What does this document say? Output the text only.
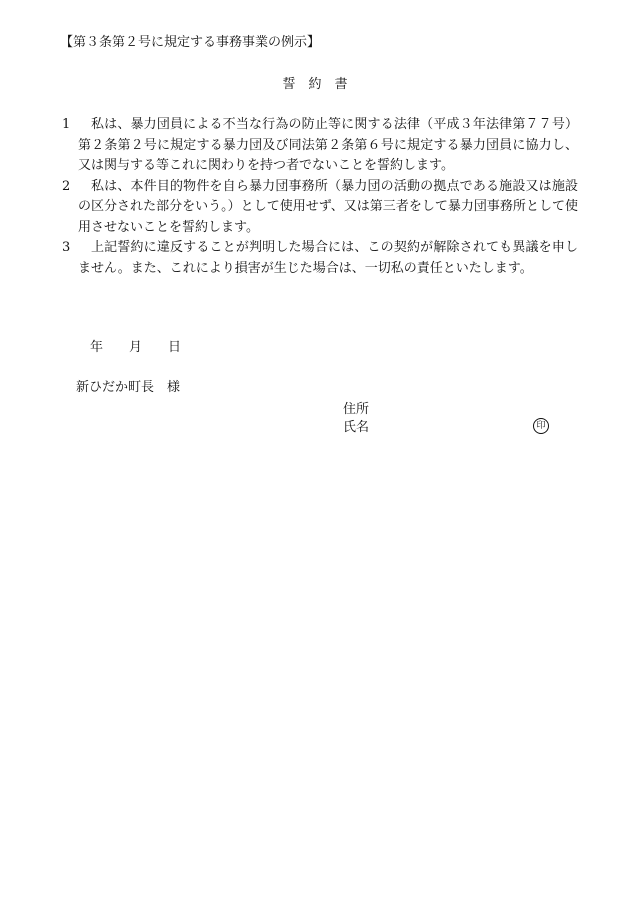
【第３条第２号に規定する事務事業の例示】
誓　約　書
1	私は、暴力団員による不当な行為の防止等に関する法律（平成３年法律第７７号）第２条第２号に規定する暴力団及び同法第２条第６号に規定する暴力団員に協力し、又は関与する等これに関わりを持つ者でないことを誓約します。
2	私は、本件目的物件を自ら暴力団事務所（暴力団の活動の拠点である施設又は施設の区分された部分をいう。）として使用せず、又は第三者をして暴力団事務所として使用させないことを誓約します。
3	上記誓約に違反することが判明した場合には、この契約が解除されても異議を申しません。また、これにより損害が生じた場合は、一切私の責任といたします。
年 月 日
新ひだか町長　様
住所
氏名	印
